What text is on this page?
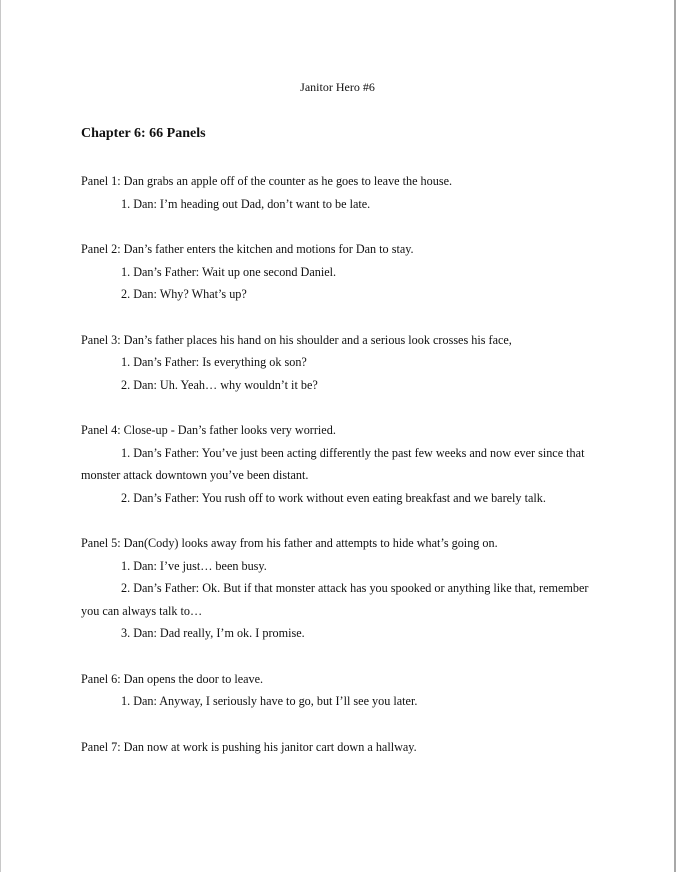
Janitor Hero #6
Chapter 6: 66 Panels
Panel 1: Dan grabs an apple off of the counter as he goes to leave the house.
1. Dan: I’m heading out Dad, don’t want to be late.
Panel 2: Dan’s father enters the kitchen and motions for Dan to stay.
1. Dan’s Father: Wait up one second Daniel.
2. Dan: Why? What’s up?
Panel 3: Dan’s father places his hand on his shoulder and a serious look crosses his face,
1. Dan’s Father: Is everything ok son?
2. Dan: Uh. Yeah… why wouldn’t it be?
Panel 4: Close-up - Dan’s father looks very worried.
1. Dan’s Father: You’ve just been acting differently the past few weeks and now ever since that monster attack downtown you’ve been distant.
2. Dan’s Father: You rush off to work without even eating breakfast and we barely talk.
Panel 5: Dan(Cody) looks away from his father and attempts to hide what’s going on.
1. Dan: I’ve just… been busy.
2. Dan’s Father: Ok. But if that monster attack has you spooked or anything like that, remember you can always talk to…
3. Dan: Dad really, I’m ok. I promise.
Panel 6: Dan opens the door to leave.
1. Dan: Anyway, I seriously have to go, but I’ll see you later.
Panel 7: Dan now at work is pushing his janitor cart down a hallway.
